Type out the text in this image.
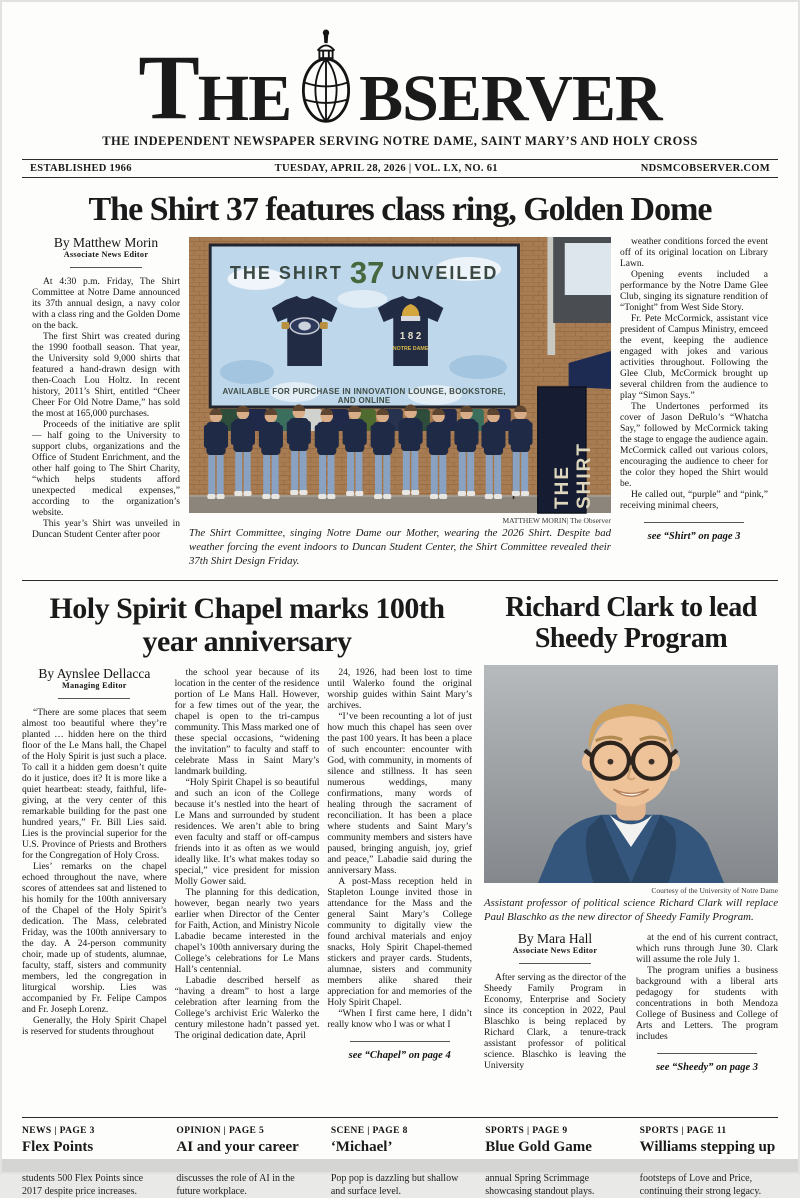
T HE BSERVER
THE INDEPENDENT NEWSPAPER SERVING NOTRE DAME, SAINT MARY’S AND HOLY CROSS
ESTABLISHED 1966	TUESDAY, APRIL 28, 2026 | VOL. LX, NO. 61	NDSMCOBSERVER.COM
The Shirt 37 features class ring, Golden Dome
By Matthew Morin
Associate News Editor

At 4:30 p.m. Friday, The Shirt Committee at Notre Dame announced its 37th annual design, a navy color with a class ring and the Golden Dome on the back.

The first Shirt was created during the 1990 football season. That year, the University sold 9,000 shirts that featured a hand-drawn design with then-Coach Lou Holtz. In recent history, 2011’s Shirt, entitled “Cheer Cheer For Old Notre Dame,” has sold the most at 165,000 purchases.

Proceeds of the initiative are split — half going to the University to support clubs, organizations and the Office of Student Enrichment, and the other half going to The Shirt Charity, “which helps students afford unexpected medical expenses,” according to the organization’s website.

This year’s Shirt was unveiled in Duncan Student Center after poor

1 8 2
NOTRE DAME
THE SHIRT 37 UNVEILED
AVAILABLE FOR PURCHASE IN INNOVATION LOUNGE, BOOKSTORE, AND ONLINE
THE SHIRT
MATTHEW MORIN| The Observer
The Shirt Committee, singing Notre Dame our Mother, wearing the 2026 Shirt. Despite bad weather forcing the event indoors to Duncan Student Center, the Shirt Committee revealed their 37th Shirt Design Friday.

weather conditions forced the event off of its original location on Library Lawn.

Opening events included a performance by the Notre Dame Glee Club, singing its signature rendition of “Tonight” from West Side Story.

Fr. Pete McCormick, assistant vice president of Campus Ministry, emceed the event, keeping the audience engaged with jokes and various activities throughout. Following the Glee Club, McCormick brought up several children from the audience to play “Simon Says.”

The Undertones performed its cover of Jason DeRulo’s “Whatcha Say,” followed by McCormick taking the stage to engage the audience again. McCormick called out various colors, encouraging the audience to cheer for the color they hoped the Shirt would be.

He called out, “purple” and “pink,” receiving minimal cheers,

see “Shirt” on page 3
Holy Spirit Chapel marks 100th year anniversary
By Aynslee Dellacca
Managing Editor

“There are some places that seem almost too beautiful where they’re planted … hidden here on the third floor of the Le Mans hall, the Chapel of the Holy Spirit is just such a place. To call it a hidden gem doesn’t quite do it justice, does it? It is more like a quiet heartbeat: steady, faithful, life-giving, at the very center of this remarkable building for the past one hundred years,” Fr. Bill Lies said. Lies is the provincial superior for the U.S. Province of Priests and Brothers for the Congregation of Holy Cross.

Lies’ remarks on the chapel echoed throughout the nave, where scores of attendees sat and listened to his homily for the 100th anniversary of the Chapel of the Holy Spirit’s dedication. The Mass, celebrated Friday, was the 100th anniversary to the day. A 24-person community choir, made up of students, alumnae, faculty, staff, sisters and community members, led the congregation in liturgical worship. Lies was accompanied by Fr. Felipe Campos and Fr. Joseph Lorenz.

Generally, the Holy Spirit Chapel is reserved for students throughout

the school year because of its location in the center of the residence portion of Le Mans Hall. However, for a few times out of the year, the chapel is open to the tri-campus community. This Mass marked one of these special occasions, “widening the invitation” to faculty and staff to celebrate Mass in Saint Mary’s landmark building.

“Holy Spirit Chapel is so beautiful and such an icon of the College because it’s nestled into the heart of Le Mans and surrounded by student residences. We aren’t able to bring even faculty and staff or off-campus friends into it as often as we would ideally like. It’s what makes today so special,” vice president for mission Molly Gower said.

The planning for this dedication, however, began nearly two years earlier when Director of the Center for Faith, Action, and Ministry Nicole Labadie became interested in the chapel’s 100th anniversary during the College’s celebrations for Le Mans Hall’s centennial.

Labadie described herself as “having a dream” to host a large celebration after learning from the College’s archivist Eric Walerko the century milestone hadn’t passed yet. The original dedication date, April

24, 1926, had been lost to time until Walerko found the original worship guides within Saint Mary’s archives.

“I’ve been recounting a lot of just how much this chapel has seen over the past 100 years. It has been a place of such encounter: encounter with God, with community, in moments of silence and stillness. It has seen numerous weddings, many confirmations, many words of healing through the sacrament of reconciliation. It has been a place where students and Saint Mary’s community members and sisters have paused, bringing anguish, joy, grief and peace,” Labadie said during the anniversary Mass.

A post-Mass reception held in Stapleton Lounge invited those in attendance for the Mass and the general Saint Mary’s College community to digitally view the found archival materials and enjoy snacks, Holy Spirit Chapel-themed stickers and prayer cards. Students, alumnae, sisters and community members alike shared their appreciation for and memories of the Holy Spirit Chapel.

“When I first came here, I didn’t really know who I was or what I

see “Chapel” on page 4
Richard Clark to lead Sheedy Program
Courtesy of the University of Notre Dame
Assistant professor of political science Richard Clark will replace Paul Blaschko as the new director of Sheedy Family Program.
By Mara Hall
Associate News Editor

After serving as the director of the Sheedy Family Program in Economy, Enterprise and Society since its conception in 2022, Paul Blaschko is being replaced by Richard Clark, a tenure-track assistant professor of political science. Blaschko is leaving the University

at the end of his current contract, which runs through June 30. Clark will assume the role July 1.

The program unifies a business background with a liberal arts pedagogy for students with concentrations in both Mendoza College of Business and College of Arts and Letters. The program includes

see “Sheedy” on page 3
NEWS | PAGE 3
Flex Points
students 500 Flex Points since 2017 despite price increases.
OPINION | PAGE 5
AI and your career
discusses the role of AI in the future workplace.
SCENE | PAGE 8
‘Michael’
Pop pop is dazzling but shallow and surface level.
SPORTS | PAGE 9
Blue Gold Game
annual Spring Scrimmage showcasing standout plays.
SPORTS | PAGE 11
Williams stepping up
footsteps of Love and Price, continuing their strong legacy.
